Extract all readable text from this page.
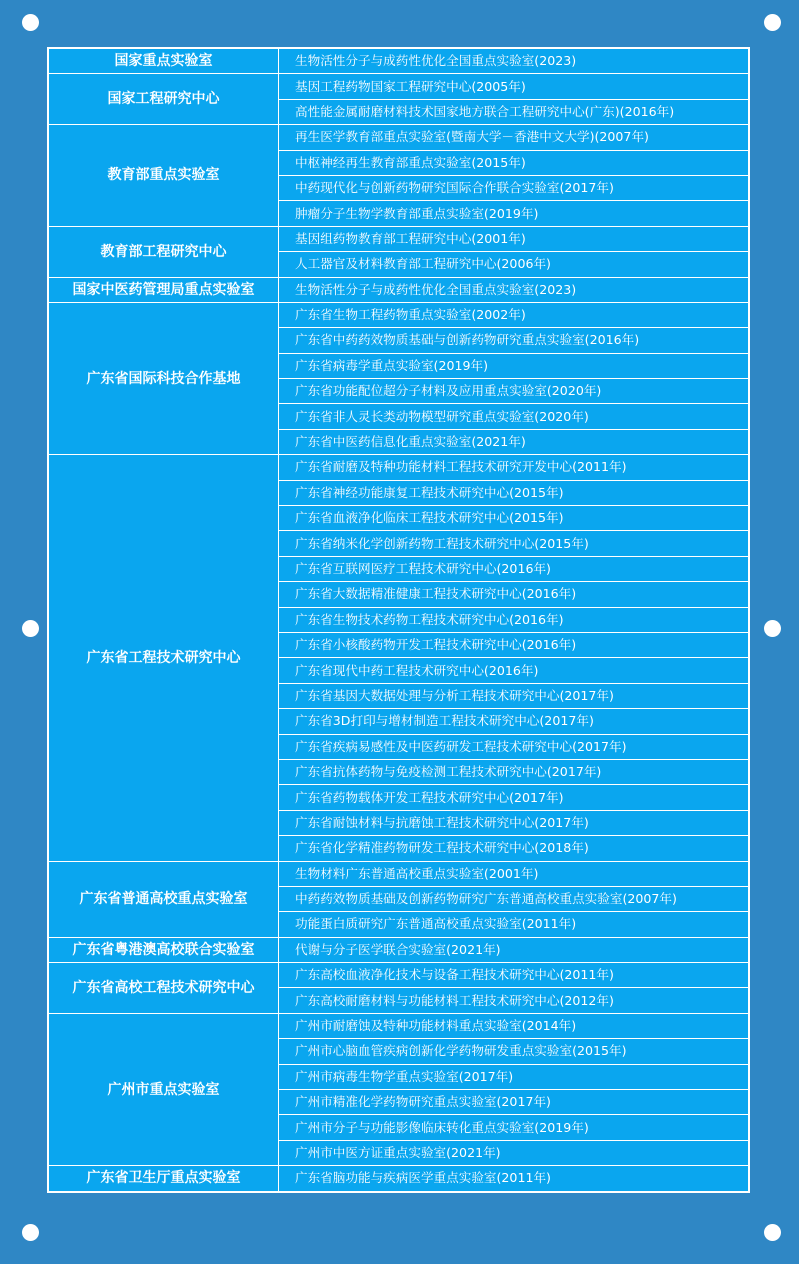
国家重点实验室	生物活性分子与成药性优化全国重点实验室(2023)
国家工程研究中心	基因工程药物国家工程研究中心(2005年)
	高性能金属耐磨材料技术国家地方联合工程研究中心(广东)(2016年)
教育部重点实验室	再生医学教育部重点实验室(暨南大学－香港中文大学)(2007年)
	中枢神经再生教育部重点实验室(2015年)
	中药现代化与创新药物研究国际合作联合实验室(2017年)
	肿瘤分子生物学教育部重点实验室(2019年)
教育部工程研究中心	基因组药物教育部工程研究中心(2001年)
	人工器官及材料教育部工程研究中心(2006年)
国家中医药管理局重点实验室	生物活性分子与成药性优化全国重点实验室(2023)
广东省国际科技合作基地	广东省生物工程药物重点实验室(2002年)
	广东省中药药效物质基础与创新药物研究重点实验室(2016年)
	广东省病毒学重点实验室(2019年)
	广东省功能配位超分子材料及应用重点实验室(2020年)
	广东省非人灵长类动物模型研究重点实验室(2020年)
	广东省中医药信息化重点实验室(2021年)
广东省工程技术研究中心	广东省耐磨及特种功能材料工程技术研究开发中心(2011年)
	广东省神经功能康复工程技术研究中心(2015年)
	广东省血液净化临床工程技术研究中心(2015年)
	广东省纳米化学创新药物工程技术研究中心(2015年)
	广东省互联网医疗工程技术研究中心(2016年)
	广东省大数据精准健康工程技术研究中心(2016年)
	广东省生物技术药物工程技术研究中心(2016年)
	广东省小核酸药物开发工程技术研究中心(2016年)
	广东省现代中药工程技术研究中心(2016年)
	广东省基因大数据处理与分析工程技术研究中心(2017年)
	广东省3D打印与增材制造工程技术研究中心(2017年)
	广东省疾病易感性及中医药研发工程技术研究中心(2017年)
	广东省抗体药物与免疫检测工程技术研究中心(2017年)
	广东省药物载体开发工程技术研究中心(2017年)
	广东省耐蚀材料与抗磨蚀工程技术研究中心(2017年)
	广东省化学精准药物研发工程技术研究中心(2018年)
广东省普通高校重点实验室	生物材料广东普通高校重点实验室(2001年)
	中药药效物质基础及创新药物研究广东普通高校重点实验室(2007年)
	功能蛋白质研究广东普通高校重点实验室(2011年)
广东省粤港澳高校联合实验室	代谢与分子医学联合实验室(2021年)
广东省高校工程技术研究中心	广东高校血液净化技术与设备工程技术研究中心(2011年)
	广东高校耐磨材料与功能材料工程技术研究中心(2012年)
广州市重点实验室	广州市耐磨蚀及特种功能材料重点实验室(2014年)
	广州市心脑血管疾病创新化学药物研发重点实验室(2015年)
	广州市病毒生物学重点实验室(2017年)
	广州市精准化学药物研究重点实验室(2017年)
	广州市分子与功能影像临床转化重点实验室(2019年)
	广州市中医方证重点实验室(2021年)
广东省卫生厅重点实验室	广东省脑功能与疾病医学重点实验室(2011年)
